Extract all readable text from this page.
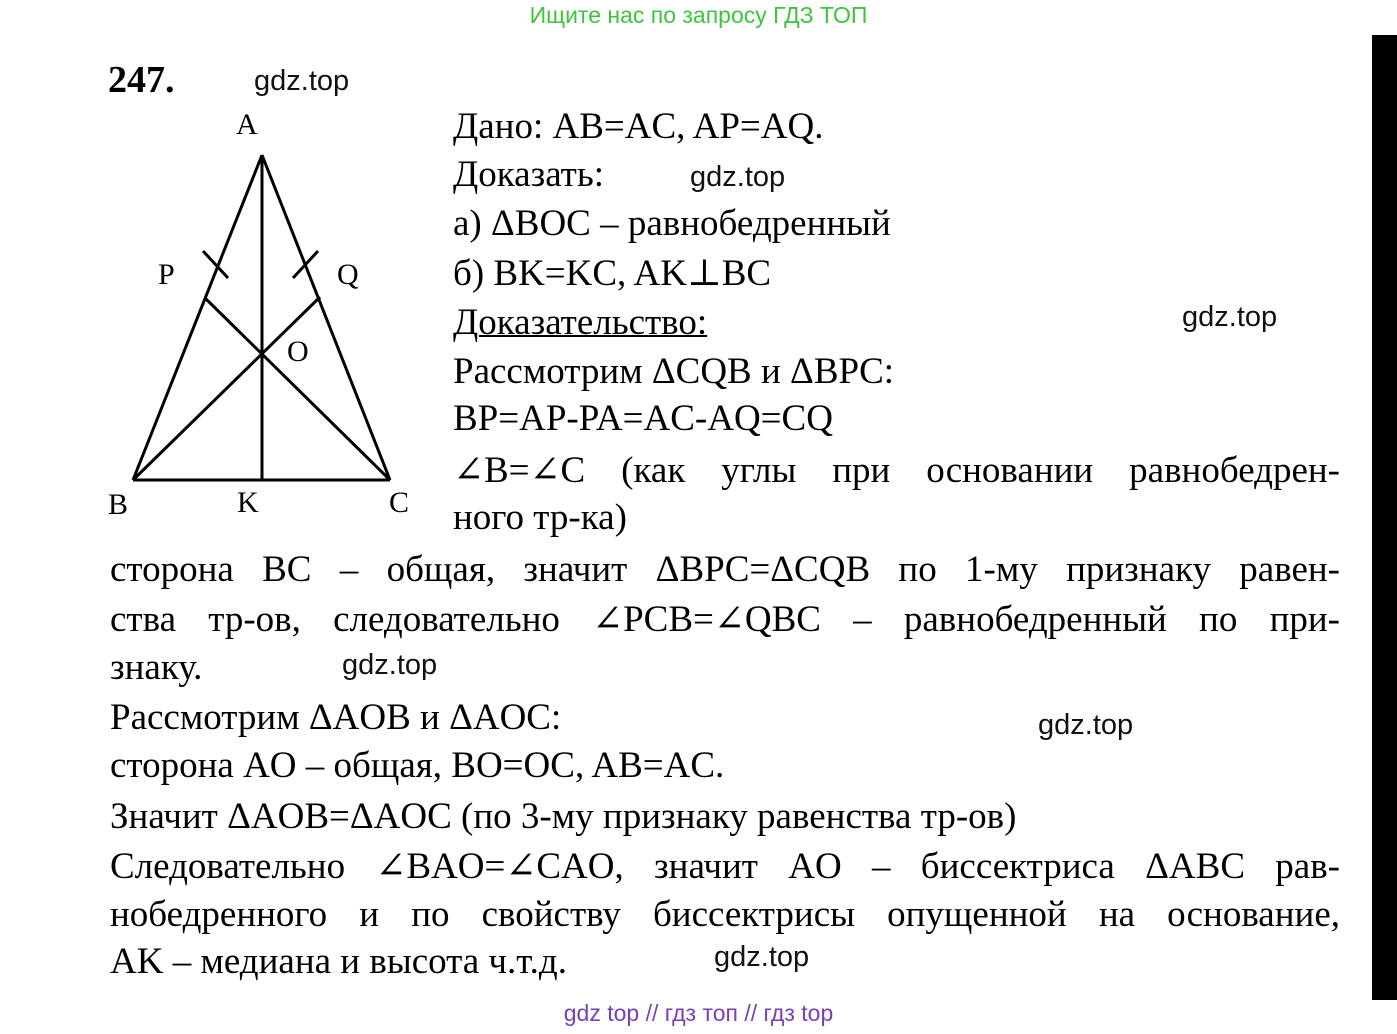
Ищите нас по запросу ГДЗ ТОП
247.
A
P	Q
O
B	K	C
Дано: AB=AC, AP=AQ.
Доказать:
а) ΔBOC – равнобедренный
б) BK=KC, AK⊥BC
Доказательство:
Рассмотрим ΔCQB и ΔBPC:
BP=AP-PA=AC-AQ=CQ
∠B=∠C (как углы при основании равнобедрен-
ного тр-ка)
сторона BC – общая, значит ΔBPC=ΔCQB по 1-му признаку равен-
ства тр-ов, следовательно ∠PCB=∠QBC – равнобедренный по при-
знаку.
Рассмотрим ΔAOB и ΔAOC:
сторона AO – общая, BO=OC, AB=AC.
Значит ΔAOB=ΔAOC (по 3-му признаку равенства тр-ов)
Следовательно ∠BAO=∠CAO, значит AO – биссектриса ΔABC рав-
нобедренного и по свойству биссектрисы опущенной на основание,
AK – медиана и высота ч.т.д.
gdz.top
gdz.top
gdz.top
gdz.top
gdz.top
gdz.top
gdz top // гдз топ // гдз top
